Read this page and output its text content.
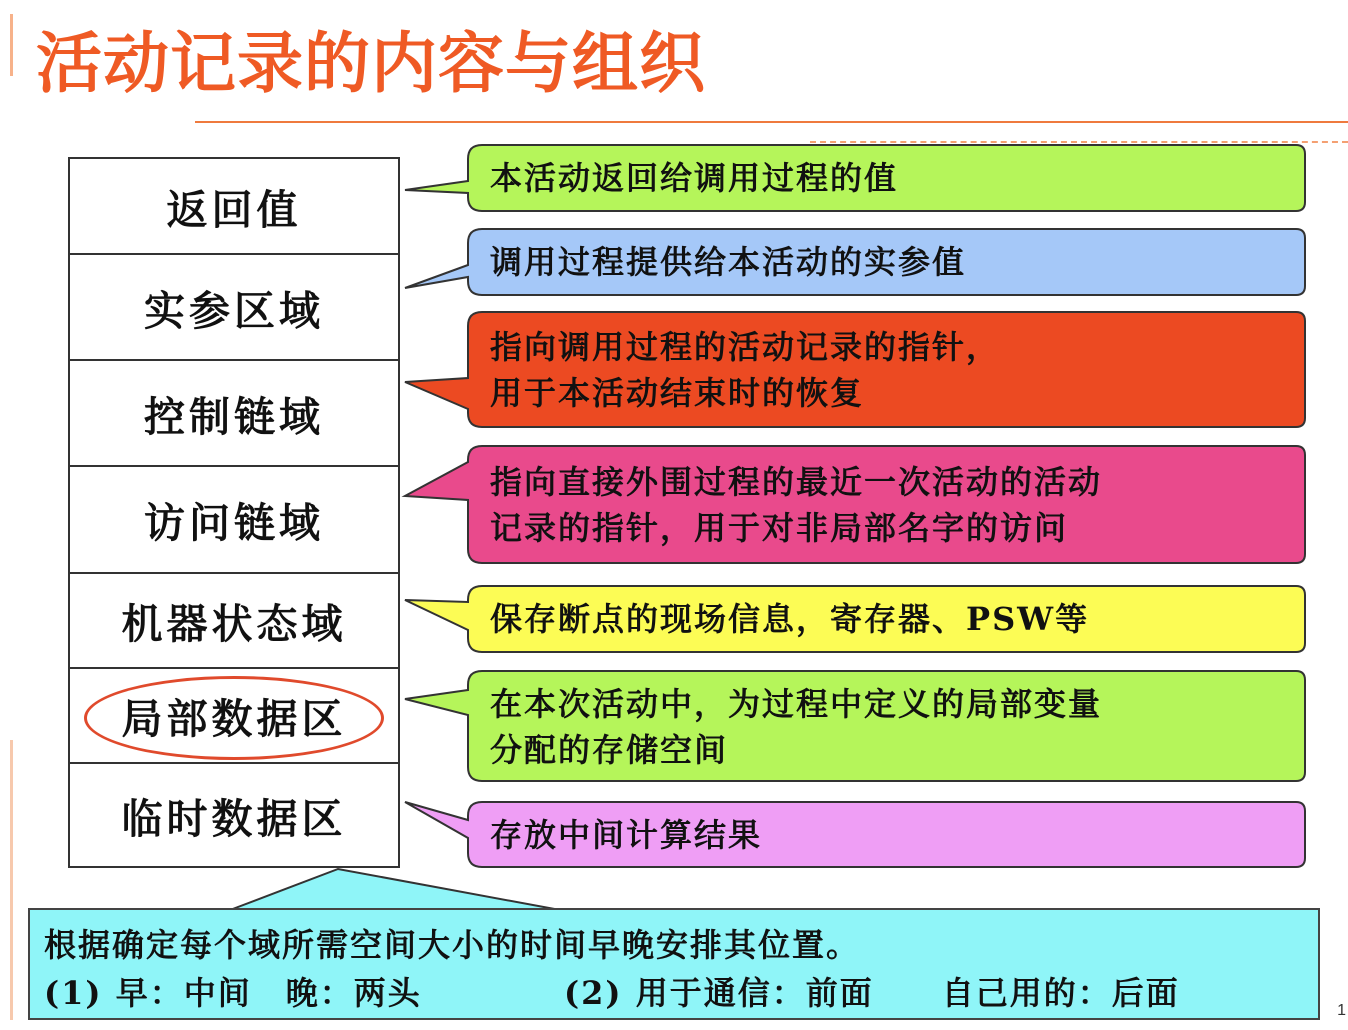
活动记录的内容与组织
返回值
实参区域
控制链域
访问链域
机器状态域
局部数据区
临时数据区
本活动返回给调用过程的值
调用过程提供给本活动的实参值
指向调用过程的活动记录的指针，
用于本活动结束时的恢复
指向直接外围过程的最近一次活动的活动
记录的指针，用于对非局部名字的访问
保存断点的现场信息，寄存器、PSW等
在本次活动中，为过程中定义的局部变量
分配的存储空间
存放中间计算结果
根据确定每个域所需空间大小的时间早晚安排其位置。
(1) 早：中间　晚：两头	(2) 用于通信：前面　　自己用的：后面	1
